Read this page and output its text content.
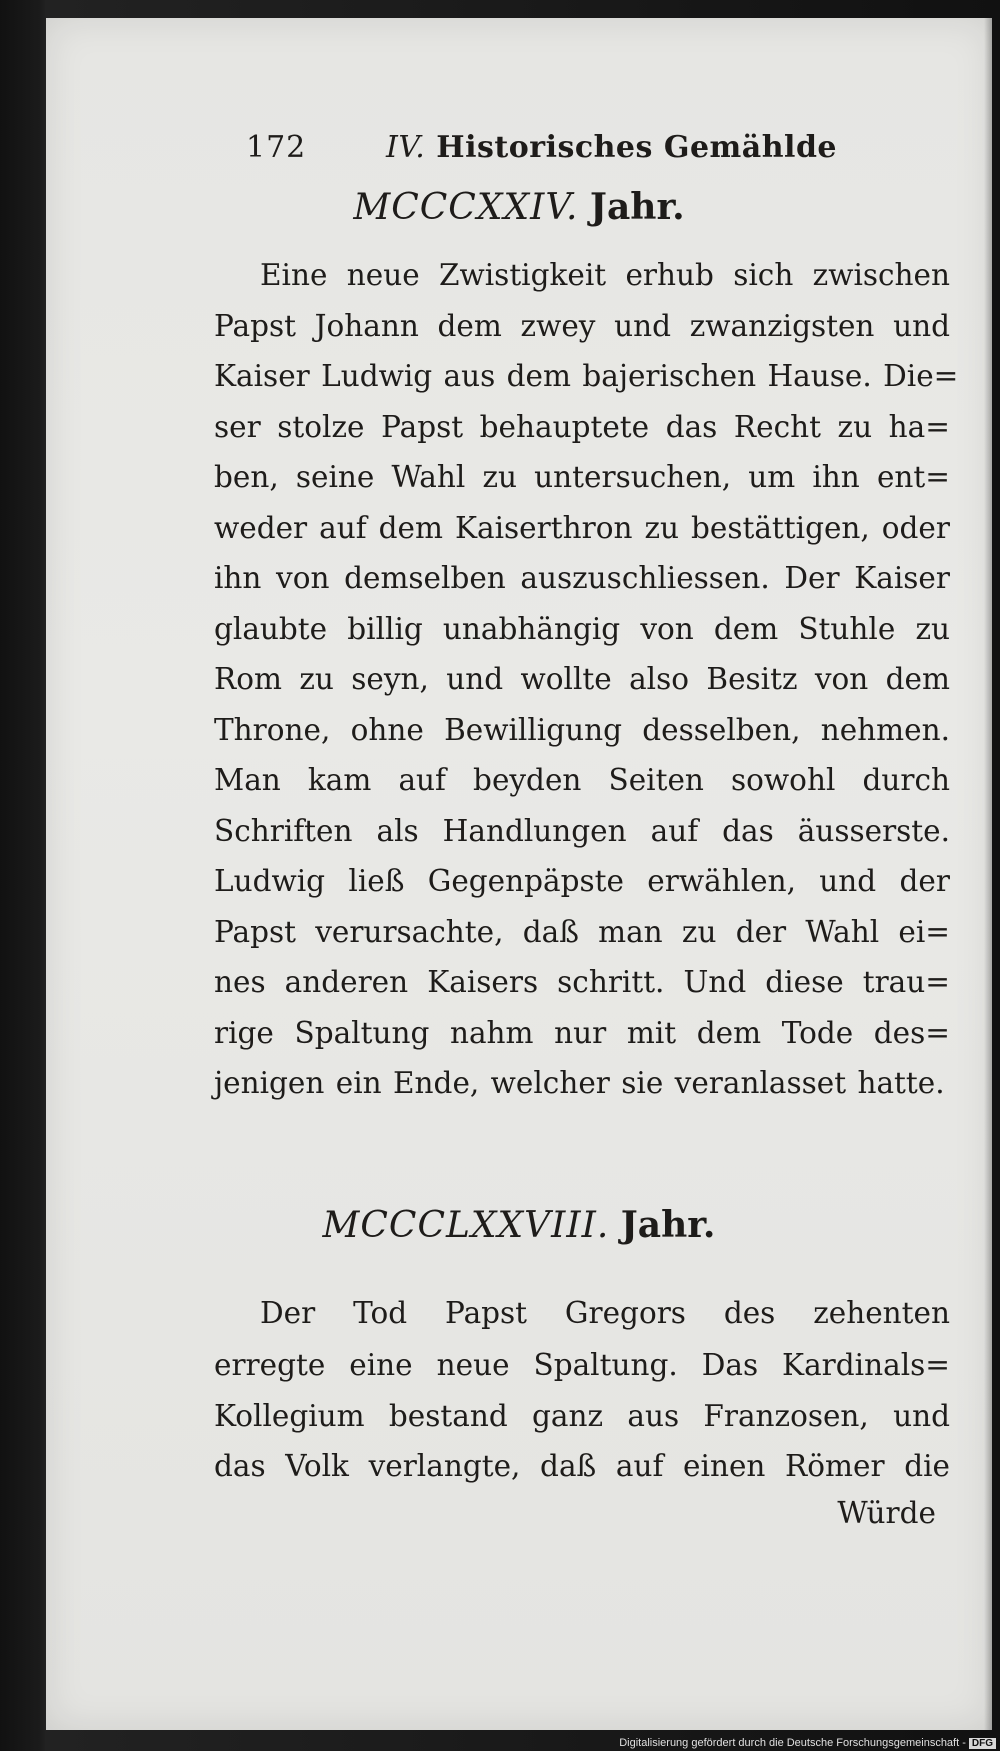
172	IV. Historisches Gemählde
MCCCXXIV. Jahr.
Eine neue Zwistigkeit erhub sich zwischen
Papst Johann dem zwey und zwanzigsten und
Kaiser Ludwig aus dem bajerischen Hause. Die=
ser stolze Papst behauptete das Recht zu ha=
ben, seine Wahl zu untersuchen, um ihn ent=
weder auf dem Kaiserthron zu bestättigen, oder
ihn von demselben auszuschliessen. Der Kaiser
glaubte billig unabhängig von dem Stuhle zu
Rom zu seyn, und wollte also Besitz von dem
Throne, ohne Bewilligung desselben, nehmen.
Man kam auf beyden Seiten sowohl durch
Schriften als Handlungen auf das äusserste.
Ludwig ließ Gegenpäpste erwählen, und der
Papst verursachte, daß man zu der Wahl ei=
nes anderen Kaisers schritt. Und diese trau=
rige Spaltung nahm nur mit dem Tode des=
jenigen ein Ende, welcher sie veranlasset hatte.
MCCCLXXVIII. Jahr.
Der Tod Papst Gregors des zehenten
erregte eine neue Spaltung. Das Kardinals=
Kollegium bestand ganz aus Franzosen, und
das Volk verlangte, daß auf einen Römer die
Würde
Digitalisierung gefördert durch die Deutsche Forschungsgemeinschaft - DFG
